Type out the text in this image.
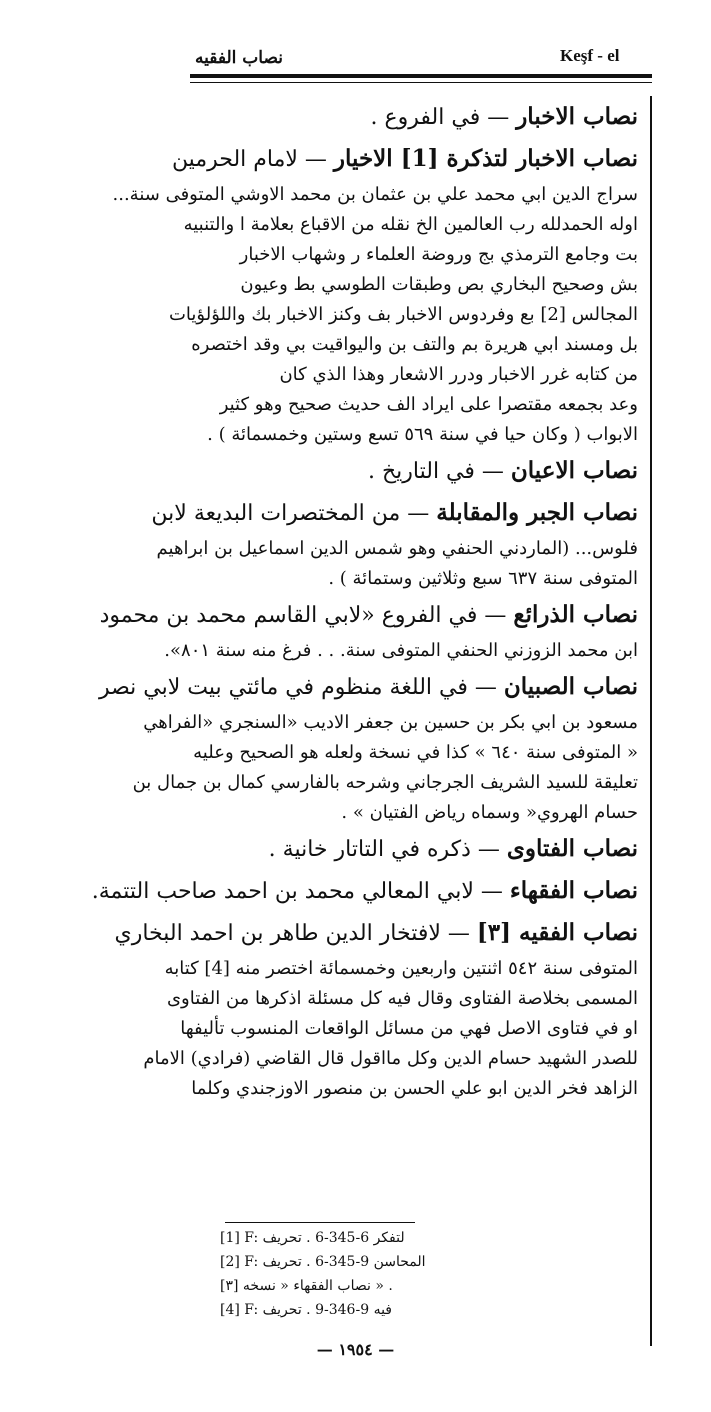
نصاب الفقيه	Keşf - el
نصاب الاخبار — في الفروع .
نصاب الاخبار لتذكرة [1] الاخيار — لامام الحرمين
سراج الدين ابي محمد علي بن عثمان بن محمد الاوشي المتوفى سنة...
اوله الحمدلله رب العالمين الخ نقله من الاقباع بعلامة ا والتنبيه
بت وجامع الترمذي بج وروضة العلماء ر وشهاب الاخبار
بش وصحيح البخاري بص وطبقات الطوسي بط وعيون
المجالس [2] بع وفردوس الاخبار بف وكنز الاخبار بك واللؤلؤيات
بل ومسند ابي هريرة بم والتف بن واليواقيت بي وقد اختصره
من كتابه غرر الاخبار ودرر الاشعار وهذا الذي كان
وعد بجمعه مقتصرا على ايراد الف حديث صحيح وهو كثير
الابواب ( وكان حيا في سنة ٥٦٩ تسع وستين وخمسمائة ) .
نصاب الاعيان — في التاريخ .
نصاب الجبر والمقابلة — من المختصرات البديعة لابن
فلوس... (الماردني الحنفي وهو شمس الدين اسماعيل بن ابراهيم
المتوفى سنة ٦٣٧ سبع وثلاثين وستمائة ) .
نصاب الذرائع — في الفروع «لابي القاسم محمد بن محمود
ابن محمد الزوزني الحنفي المتوفى سنة. . . فرغ منه سنة ٨٠١».
نصاب الصبيان — في اللغة منظوم في مائتي بيت لابي نصر
مسعود بن ابي بكر بن حسين بن جعفر الاديب «السنجري «الفراهي
« المتوفى سنة ٦٤٠ » كذا في نسخة ولعله هو الصحيح وعليه
تعليقة للسيد الشريف الجرجاني وشرحه بالفارسي كمال بن جمال بن
حسام الهروي« وسماه رياض الفتيان » .
نصاب الفتاوى — ذكره في التاتار خانية .
نصاب الفقهاء — لابي المعالي محمد بن احمد صاحب التتمة.
نصاب الفقيه [٣] — لافتخار الدين طاهر بن احمد البخاري
المتوفى سنة ٥٤٢ اثنتين واربعين وخمسمائة اختصر منه [4] كتابه
المسمى بخلاصة الفتاوى وقال فيه كل مسئلة اذكرها من الفتاوى
او في فتاوى الاصل فهي من مسائل الواقعات المنسوب تأليفها
للصدر الشهيد حسام الدين وكل مااقول قال القاضي (فرادي) الامام
الزاهد فخر الدين ابو علي الحسن بن منصور الاوزجندي وكلما
[1] F: لتفكر 6-345-6 . تحريف
[2] F: المحاسن 9-345-6 . تحريف
[٣] نصاب الفقهاء « نسخه » .
[4] F: فيه 9-346-9 . تحريف
— ١٩٥٤ —
